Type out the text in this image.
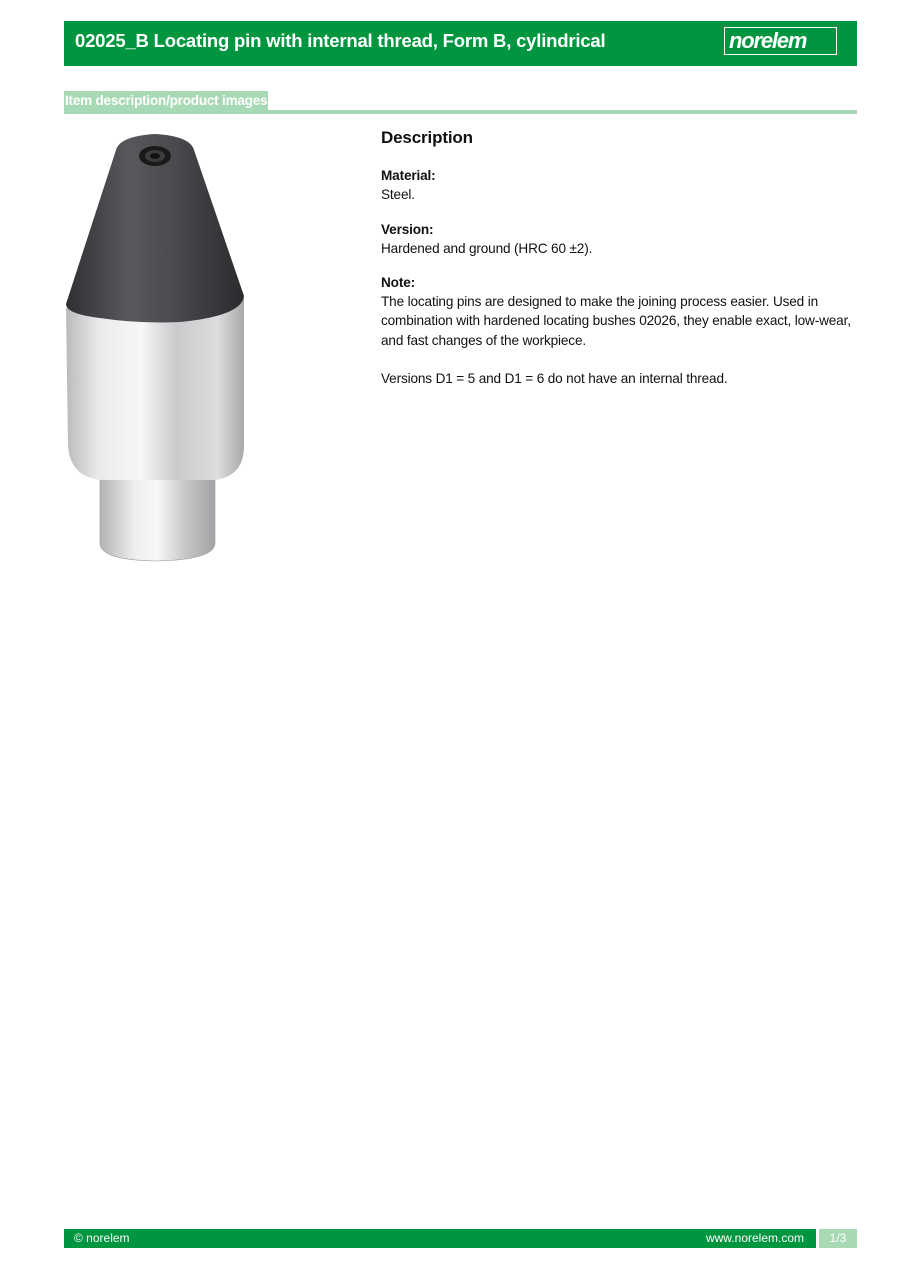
02025_B Locating pin with internal thread, Form B, cylindrical	norelem
Item description/product images
Description
Material:
Steel.
Version:
Hardened and ground (HRC 60 ±2).
Note:
The locating pins are designed to make the joining process easier. Used in combination with hardened locating bushes 02026, they enable exact, low-wear, and fast changes of the workpiece.
Versions D1 = 5 and D1 = 6 do not have an internal thread.
© norelem	www.norelem.com	1/3
